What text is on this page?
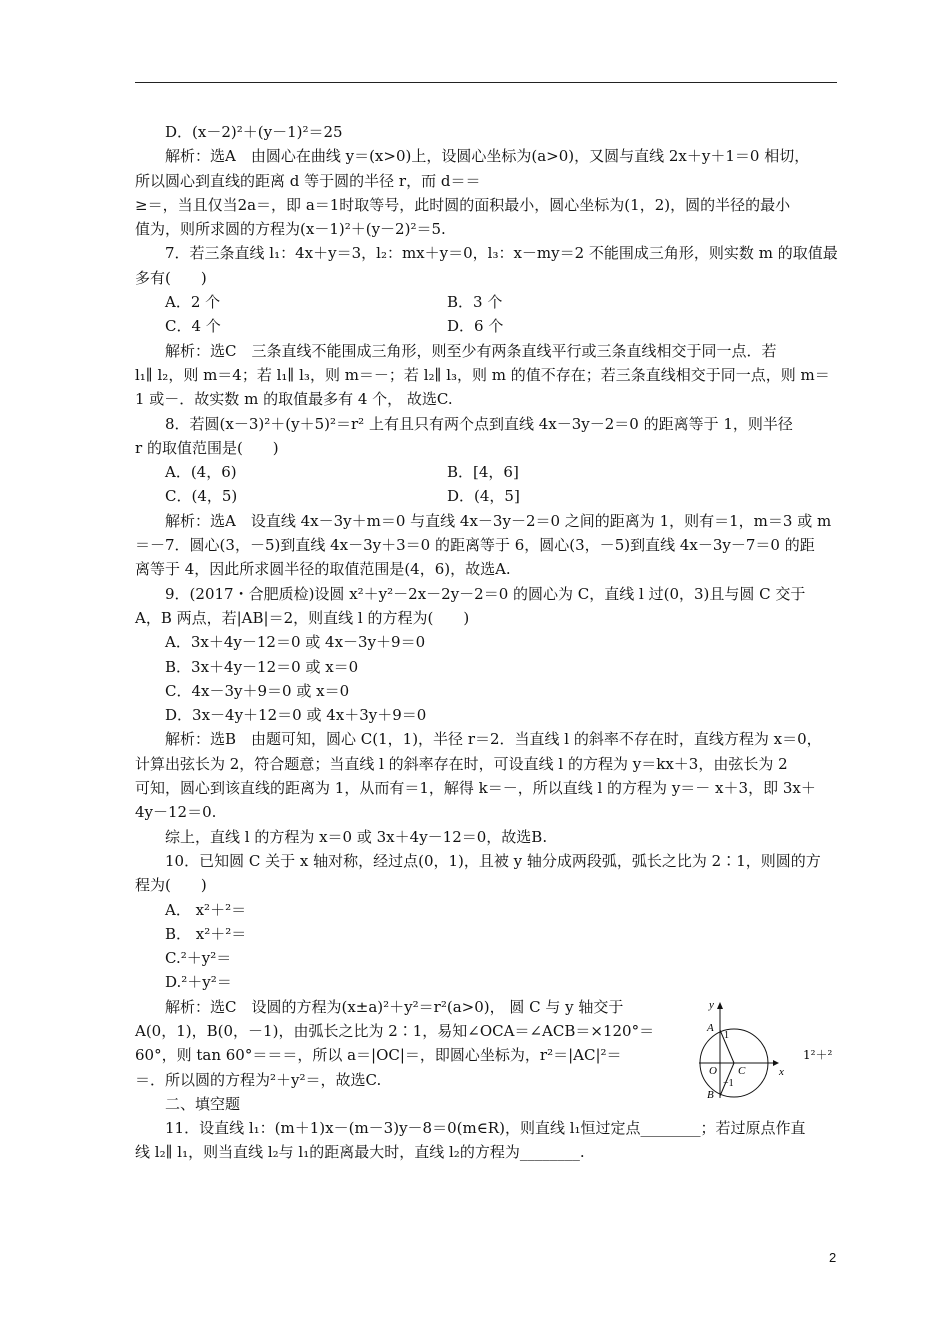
D．(x－2)²＋(y－1)²＝25
解析：选A　由圆心在曲线 y＝(x>0)上，设圆心坐标为(a>0)，又圆与直线 2x＋y＋1＝0 相切，
所以圆心到直线的距离 d 等于圆的半径 r，而 d＝＝
≥＝，当且仅当2a＝，即 a＝1时取等号，此时圆的面积最小，圆心坐标为(1，2)，圆的半径的最小
值为，则所求圆的方程为(x－1)²＋(y－2)²＝5.
7．若三条直线 l₁：4x＋y＝3，l₂：mx＋y＝0，l₃：x－my＝2 不能围成三角形，则实数 m 的取值最
多有(　　)
A．2 个	B．3 个
C．4 个	D．6 个
解析：选C　三条直线不能围成三角形，则至少有两条直线平行或三条直线相交于同一点．若
l₁∥ l₂，则 m＝4；若 l₁∥ l₃，则 m＝－；若 l₂∥ l₃，则 m 的值不存在；若三条直线相交于同一点，则 m＝
1 或－．故实数 m 的取值最多有 4 个， 故选C.
8．若圆(x－3)²＋(y＋5)²＝r² 上有且只有两个点到直线 4x－3y－2＝0 的距离等于 1，则半径
r 的取值范围是(　　)
A．(4，6)	B．[4，6]
C．(4，5)	D．(4，5]
解析：选A　设直线 4x－3y＋m＝0 与直线 4x－3y－2＝0 之间的距离为 1，则有＝1，m＝3 或 m
＝－7．圆心(3，－5)到直线 4x－3y＋3＝0 的距离等于 6，圆心(3，－5)到直线 4x－3y－7＝0 的距
离等于 4，因此所求圆半径的取值范围是(4，6)，故选A.
9．(2017・合肥质检)设圆 x²＋y²－2x－2y－2＝0 的圆心为 C，直线 l 过(0，3)且与圆 C 交于
A，B 两点，若|AB|＝2，则直线 l 的方程为(　　)
A．3x＋4y－12＝0 或 4x－3y＋9＝0
B．3x＋4y－12＝0 或 x＝0
C．4x－3y＋9＝0 或 x＝0
D．3x－4y＋12＝0 或 4x＋3y＋9＝0
解析：选B　由题可知，圆心 C(1，1)，半径 r＝2．当直线 l 的斜率不存在时，直线方程为 x＝0，
计算出弦长为 2，符合题意；当直线 l 的斜率存在时，可设直线 l 的方程为 y＝kx＋3，由弦长为 2
可知，圆心到该直线的距离为 1，从而有＝1，解得 k＝－，所以直线 l 的方程为 y＝－ x＋3，即 3x＋
4y－12＝0.
综上，直线 l 的方程为 x＝0 或 3x＋4y－12＝0，故选B.
10．已知圆 C 关于 x 轴对称，经过点(0，1)，且被 y 轴分成两段弧，弧长之比为 2∶1，则圆的方
程为(　　)
A． x²＋²＝
B． x²＋²＝
C.²＋y²＝
D.²＋y²＝
解析：选C　设圆的方程为(x±a)²＋y²＝r²(a>0)， 圆 C 与 y 轴交于
A(0，1)，B(0，－1)，由弧长之比为 2∶1，易知∠OCA＝∠ACB＝×120°＝
60°，则 tan 60°＝＝＝，所以 a＝|OC|＝，即圆心坐标为，r²＝|AC|²＝
＝．所以圆的方程为²＋y²＝，故选C.
y
x
A
1
O C
−1
B
1²＋²
二、填空题
11．设直线 l₁：(m＋1)x－(m－3)y－8＝0(m∈R)，则直线 l₁恒过定点________；若过原点作直
线 l₂∥ l₁，则当直线 l₂与 l₁的距离最大时，直线 l₂的方程为________.
2
